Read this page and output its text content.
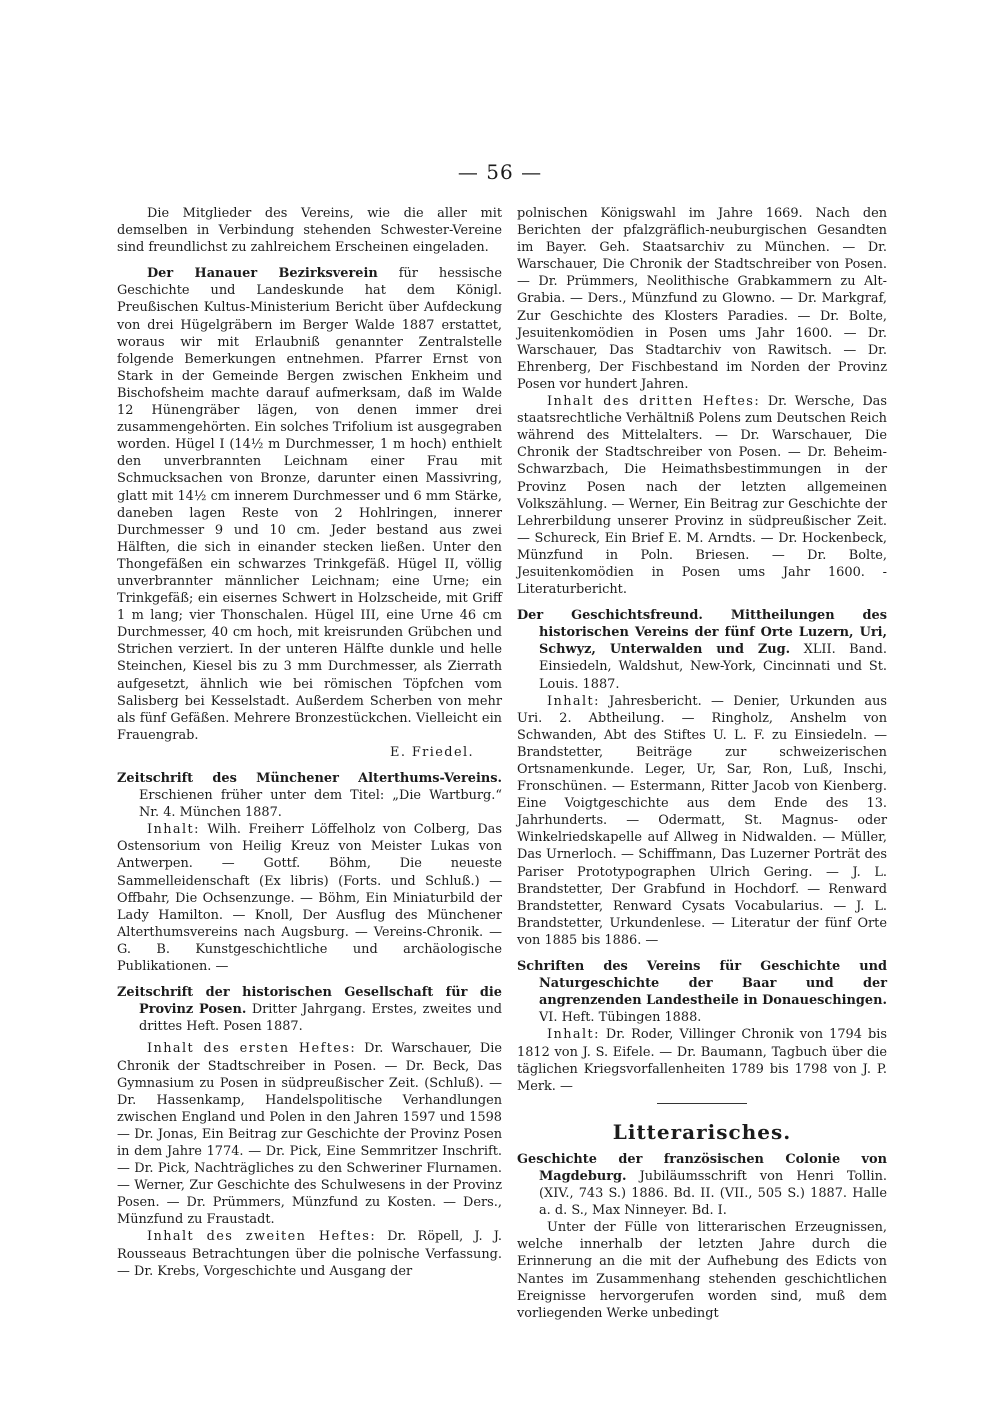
— 56 —

Die Mitglieder des Vereins, wie die aller mit demselben in Verbindung stehenden Schwester-Vereine sind freundlichst zu zahlreichem Erscheinen eingeladen.

Der Hanauer Bezirksverein für hessische Geschichte und Landeskunde hat dem Königl. Preußischen Kultus-Ministerium Bericht über Aufdeckung von drei Hügelgräbern im Berger Walde 1887 erstattet, woraus wir mit Erlaubniß genannter Zentralstelle folgende Bemerkungen entnehmen. Pfarrer Ernst von Stark in der Gemeinde Bergen zwischen Enkheim und Bischofsheim machte darauf aufmerksam, daß im Walde 12 Hünengräber lägen, von denen immer drei zusammengehörten. Ein solches Trifolium ist ausgegraben worden. Hügel I (14½ m Durchmesser, 1 m hoch) enthielt den unverbrannten Leichnam einer Frau mit Schmucksachen von Bronze, darunter einen Massivring, glatt mit 14½ cm innerem Durchmesser und 6 mm Stärke, daneben lagen Reste von 2 Hohlringen, innerer Durchmesser 9 und 10 cm. Jeder bestand aus zwei Hälften, die sich in einander stecken ließen. Unter den Thongefäßen ein schwarzes Trinkgefäß. Hügel II, völlig unverbrannter männlicher Leichnam; eine Urne; ein Trinkgefäß; ein eisernes Schwert in Holzscheide, mit Griff 1 m lang; vier Thonschalen. Hügel III, eine Urne 46 cm Durchmesser, 40 cm hoch, mit kreisrunden Grübchen und Strichen verziert. In der unteren Hälfte dunkle und helle Steinchen, Kiesel bis zu 3 mm Durchmesser, als Zierrath aufgesetzt, ähnlich wie bei römischen Töpfchen vom Salisberg bei Kesselstadt. Außerdem Scherben von mehr als fünf Gefäßen. Mehrere Bronzestückchen. Vielleicht ein Frauengrab.

E. Friedel.

Zeitschrift des Münchener Alterthums-Vereins. Erschienen früher unter dem Titel: „Die Wartburg.“ Nr. 4. München 1887.

Inhalt: Wilh. Freiherr Löffelholz von Colberg, Das Ostensorium von Heilig Kreuz von Meister Lukas von Antwerpen. — Gottf. Böhm, Die neueste Sammelleidenschaft (Ex libris) (Forts. und Schluß.) — Offbahr, Die Ochsenzunge. — Böhm, Ein Miniaturbild der Lady Hamilton. — Knoll, Der Ausflug des Münchener Alterthumsvereins nach Augsburg. — Vereins-Chronik. — G. B. Kunstgeschichtliche und archäologische Publikationen. —

Zeitschrift der historischen Gesellschaft für die Provinz Posen. Dritter Jahrgang. Erstes, zweites und drittes Heft. Posen 1887.

Inhalt des ersten Heftes: Dr. Warschauer, Die Chronik der Stadtschreiber in Posen. — Dr. Beck, Das Gymnasium zu Posen in südpreußischer Zeit. (Schluß). — Dr. Hassenkamp, Handelspolitische Verhandlungen zwischen England und Polen in den Jahren 1597 und 1598 — Dr. Jonas, Ein Beitrag zur Geschichte der Provinz Posen in dem Jahre 1774. — Dr. Pick, Eine Semmritzer Inschrift. — Dr. Pick, Nachträgliches zu den Schweriner Flurnamen. — Werner, Zur Geschichte des Schulwesens in der Provinz Posen. — Dr. Prümmers, Münzfund zu Kosten. — Ders., Münzfund zu Fraustadt.

Inhalt des zweiten Heftes: Dr. Röpell, J. J. Rousseaus Betrachtungen über die polnische Verfassung. — Dr. Krebs, Vorgeschichte und Ausgang der

polnischen Königswahl im Jahre 1669. Nach den Berichten der pfalzgräflich-neuburgischen Gesandten im Bayer. Geh. Staatsarchiv zu München. — Dr. Warschauer, Die Chronik der Stadtschreiber von Posen. — Dr. Prümmers, Neolithische Grabkammern zu Alt-Grabia. — Ders., Münzfund zu Glowno. — Dr. Markgraf, Zur Geschichte des Klosters Paradies. — Dr. Bolte, Jesuitenkomödien in Posen ums Jahr 1600. — Dr. Warschauer, Das Stadtarchiv von Rawitsch. — Dr. Ehrenberg, Der Fischbestand im Norden der Provinz Posen vor hundert Jahren.

Inhalt des dritten Heftes: Dr. Wersche, Das staatsrechtliche Verhältniß Polens zum Deutschen Reich während des Mittelalters. — Dr. Warschauer, Die Chronik der Stadtschreiber von Posen. — Dr. Beheim-Schwarzbach, Die Heimathsbestimmungen in der Provinz Posen nach der letzten allgemeinen Volkszählung. — Werner, Ein Beitrag zur Geschichte der Lehrerbildung unserer Provinz in südpreußischer Zeit. — Schureck, Ein Brief E. M. Arndts. — Dr. Hockenbeck, Münzfund in Poln. Briesen. — Dr. Bolte, Jesuitenkomödien in Posen ums Jahr 1600. - Literaturbericht.

Der Geschichtsfreund. Mittheilungen des historischen Vereins der fünf Orte Luzern, Uri, Schwyz, Unterwalden und Zug. XLII. Band. Einsiedeln, Waldshut, New-York, Cincinnati und St. Louis. 1887.

Inhalt: Jahresbericht. — Denier, Urkunden aus Uri. 2. Abtheilung. — Ringholz, Anshelm von Schwanden, Abt des Stiftes U. L. F. zu Einsiedeln. — Brandstetter, Beiträge zur schweizerischen Ortsnamenkunde. Leger, Ur, Sar, Ron, Luß, Inschi, Fronschünen. — Estermann, Ritter Jacob von Kienberg. Eine Voigtgeschichte aus dem Ende des 13. Jahrhunderts. — Odermatt, St. Magnus- oder Winkelriedskapelle auf Allweg in Nidwalden. — Müller, Das Urnerloch. — Schiffmann, Das Luzerner Porträt des Pariser Prototypographen Ulrich Gering. — J. L. Brandstetter, Der Grabfund in Hochdorf. — Renward Brandstetter, Renward Cysats Vocabularius. — J. L. Brandstetter, Urkundenlese. — Literatur der fünf Orte von 1885 bis 1886. —

Schriften des Vereins für Geschichte und Naturgeschichte der Baar und der angrenzenden Landestheile in Donaueschingen. VI. Heft. Tübingen 1888.

Inhalt: Dr. Roder, Villinger Chronik von 1794 bis 1812 von J. S. Eifele. — Dr. Baumann, Tagbuch über die täglichen Kriegsvorfallenheiten 1789 bis 1798 von J. P. Merk. —

Litterarisches.

Geschichte der französischen Colonie von Magdeburg. Jubiläumsschrift von Henri Tollin. (XIV., 743 S.) 1886. Bd. II. (VII., 505 S.) 1887. Halle a. d. S., Max Ninneyer. Bd. I.

Unter der Fülle von litterarischen Erzeugnissen, welche innerhalb der letzten Jahre durch die Erinnerung an die mit der Aufhebung des Edicts von Nantes im Zusammenhang stehenden geschichtlichen Ereignisse hervorgerufen worden sind, muß dem vorliegenden Werke unbedingt
